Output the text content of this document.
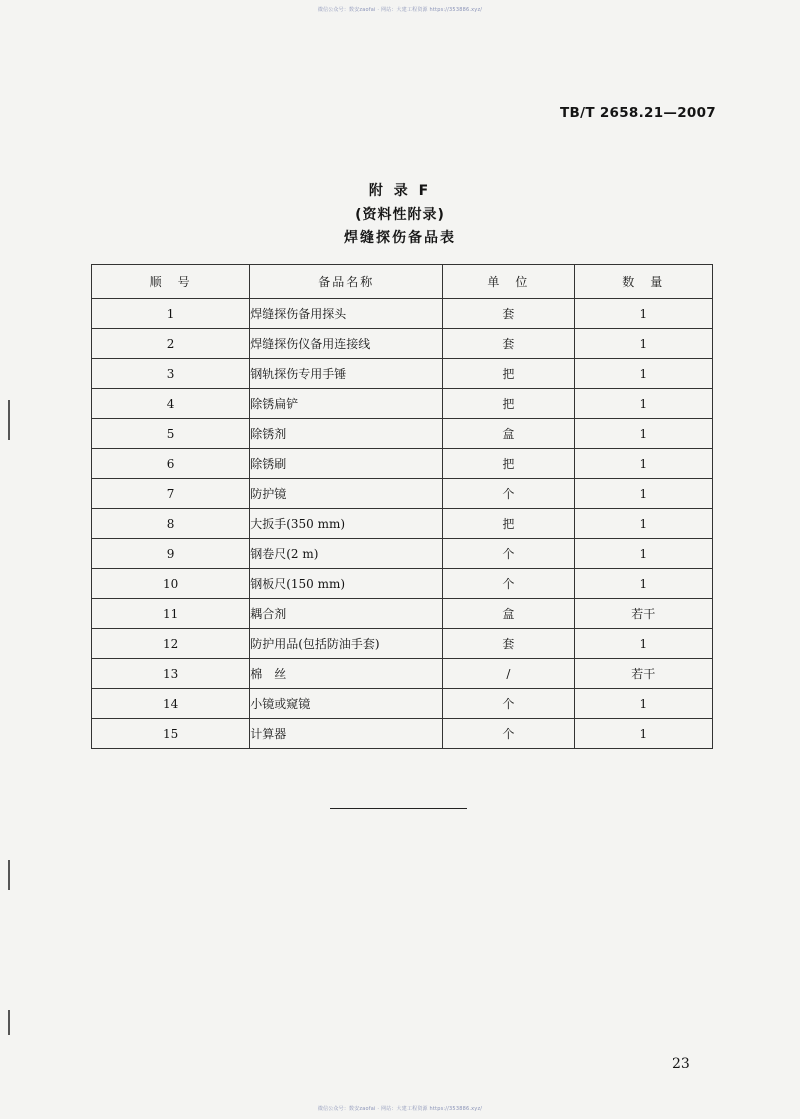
微信公众号：数安zaofai · 网站：大建工程资源 https://353886.xyz/
TB/T 2658.21—2007
附 录 F
(资料性附录)
焊缝探伤备品表
顺　号	备品名称	单　位	数　量
1	焊缝探伤备用探头	套	1
2	焊缝探伤仪备用连接线	套	1
3	钢轨探伤专用手锤	把	1
4	除锈扁铲	把	1
5	除锈剂	盒	1
6	除锈刷	把	1
7	防护镜	个	1
8	大扳手(350 mm)	把	1
9	钢卷尺(2 m)	个	1
10	钢板尺(150 mm)	个	1
11	耦合剂	盒	若干
12	防护用品(包括防油手套)	套	1
13	棉　丝	/	若干
14	小镜或窥镜	个	1
15	计算器	个	1
23
微信公众号：数安zaofai · 网站：大建工程资源 https://353886.xyz/
